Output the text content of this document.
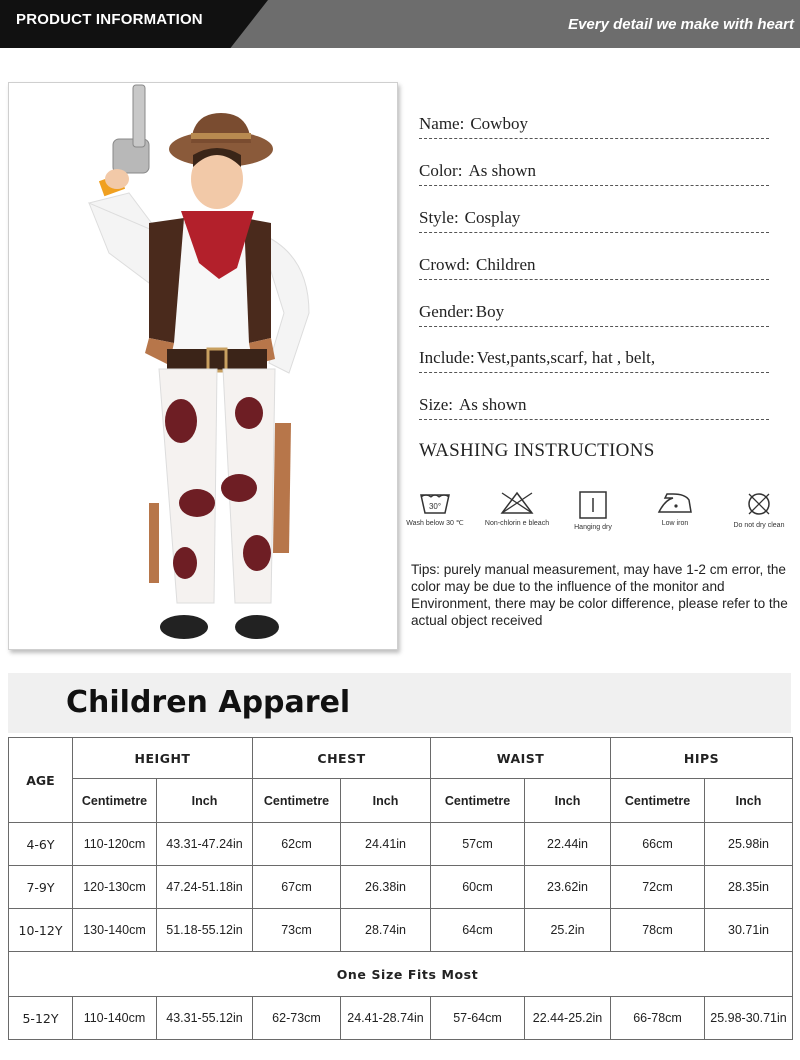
PRODUCT INFORMATION	Every detail we make with heart
Name: Cowboy
Color: As shown
Style: Cosplay
Crowd: Children
Gender: Boy
Include: Vest,pants,scarf, hat , belt,
Size: As shown
WASHING INSTRUCTIONS
30°
Wash below 30 ℃	Non-chlorin e bleach
Hanging dry
Low iron	Do not dry clean
Tips: purely manual measurement, may have 1-2 cm error, the color may be due to the influence of the monitor and Environment, there may be color difference, please refer to the actual object received
Children Apparel
AGE	HEIGHT		CHEST		WAIST		HIPS	
	Centimetre	Inch	Centimetre	Inch	Centimetre	Inch	Centimetre	Inch
4-6Y	110-120cm	43.31-47.24in	62cm	24.41in	57cm	22.44in	66cm	25.98in
7-9Y	120-130cm	47.24-51.18in	67cm	26.38in	60cm	23.62in	72cm	28.35in
10-12Y	130-140cm	51.18-55.12in	73cm	28.74in	64cm	25.2in	78cm	30.71in
One Size Fits Most								
5-12Y	110-140cm	43.31-55.12in	62-73cm	24.41-28.74in	57-64cm	22.44-25.2in	66-78cm	25.98-30.71in
